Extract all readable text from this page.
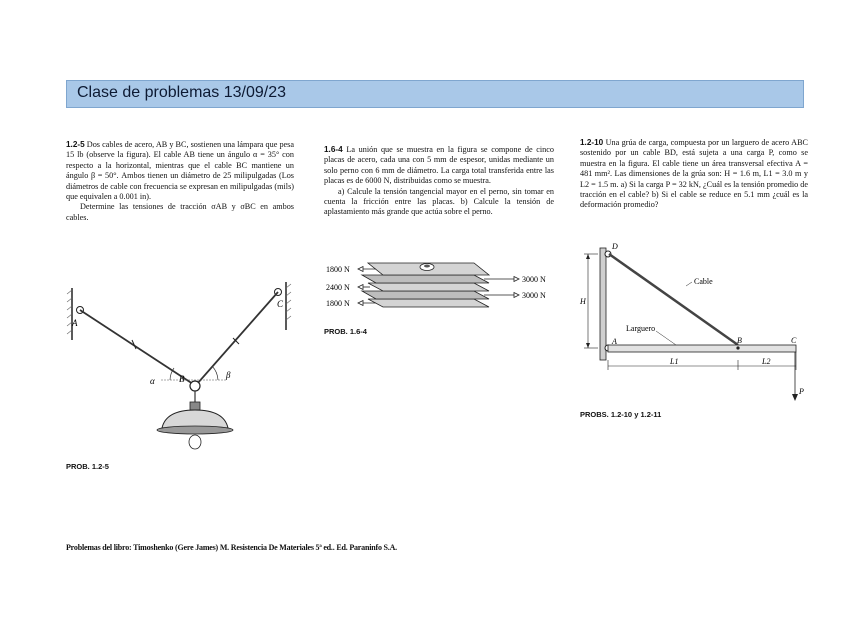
Clase de problemas 13/09/23

1.2-5 Dos cables de acero, AB y BC, sostienen una lámpara que pesa 15 lb (observe la figura). El cable AB tiene un ángulo α = 35° con respecto a la horizontal, mientras que el cable BC mantiene un ángulo β = 50°. Ambos tienen un diámetro de 25 milipulgadas (Los diámetros de cable con frecuencia se expresan en milipulgadas (mils) que equivalen a 0.001 in).

Determine las tensiones de tracción σAB y σBC en ambos cables.

A
B
C
α
β
PROB. 1.2-5

1.6-4 La unión que se muestra en la figura se compone de cinco placas de acero, cada una con 5 mm de espesor, unidas mediante un solo perno con 6 mm de diámetro. La carga total transferida entre las placas es de 6000 N, distribuidas como se muestra.

a) Calcule la tensión tangencial mayor en el perno, sin tomar en cuenta la fricción entre las placas. b) Calcule la tensión de aplastamiento más grande que actúa sobre el perno.

1800 N
2400 N
1800 N
3000 N
3000 N
PROB. 1.6-4

1.2-10 Una grúa de carga, compuesta por un larguero de acero ABC sostenido por un cable BD, está sujeta a una carga P, como se muestra en la figura. El cable tiene un área transversal efectiva A = 481 mm². Las dimensiones de la grúa son: H = 1.6 m, L1 = 3.0 m y L2 = 1.5 m. a) Si la carga P = 32 kN, ¿Cuál es la tensión promedio de tracción en el cable? b) Si el cable se reduce en 5.1 mm ¿cuál es la deformación promedio?

D
A	B	C
H
Cable
Larguero
L1	L2
P
PROBS. 1.2-10 y 1.2-11
Problemas del libro: Timoshenko (Gere James) M. Resistencia De Materiales 5ª ed.. Ed. Paraninfo S.A.
